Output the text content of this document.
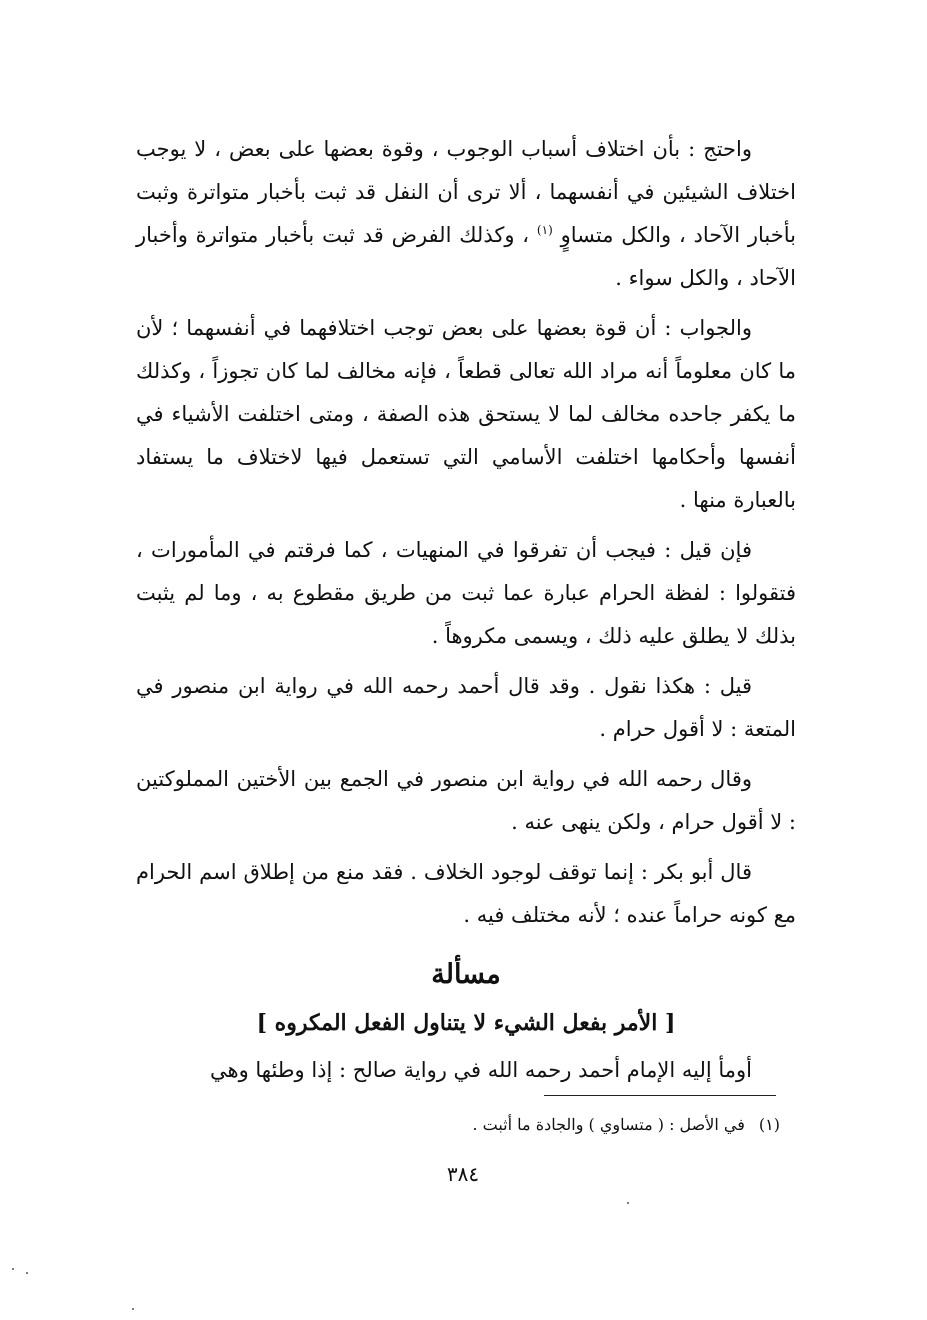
واحتج : بأن اختلاف أسباب الوجوب ، وقوة بعضها على بعض ، لا يوجب اختلاف الشيئين في أنفسهما ، ألا ترى أن النفل قد ثبت بأخبار متواترة وثبت بأخبار الآحاد ، والكل متساوٍ $^{(١)}$ ، وكذلك الفرض قد ثبت بأخبار متواترة وأخبار الآحاد ، والكل سواء .

والجواب : أن قوة بعضها على بعض توجب اختلافهما في أنفسهما ؛ لأن ما كان معلوماً أنه مراد الله تعالى قطعاً ، فإنه مخالف لما كان تجوزاً ، وكذلك ما يكفر جاحده مخالف لما لا يستحق هذه الصفة ، ومتى اختلفت الأشياء في أنفسها وأحكامها اختلفت الأسامي التي تستعمل فيها لاختلاف ما يستفاد بالعبارة منها .

فإن قيل : فيجب أن تفرقوا في المنهيات ، كما فرقتم في المأمورات ، فتقولوا : لفظة الحرام عبارة عما ثبت من طريق مقطوع به ، وما لم يثبت بذلك لا يطلق عليه ذلك ، ويسمى مكروهاً .

قيل : هكذا نقول . وقد قال أحمد رحمه الله في رواية ابن منصور في المتعة : لا أقول حرام .

وقال رحمه الله في رواية ابن منصور في الجمع بين الأختين المملوكتين : لا أقول حرام ، ولكن ينهى عنه .

قال أبو بكر : إنما توقف لوجود الخلاف . فقد منع من إطلاق اسم الحرام مع كونه حراماً عنده ؛ لأنه مختلف فيه .

مسألة
[ الأمر بفعل الشيء لا يتناول الفعل المكروه ]

أومأ إليه الإمام أحمد رحمه الله في رواية صالح : إذا وطئها وهي

(١)في الأصل : ( متساوي ) والجادة ما أثبت .
٣٨٤
